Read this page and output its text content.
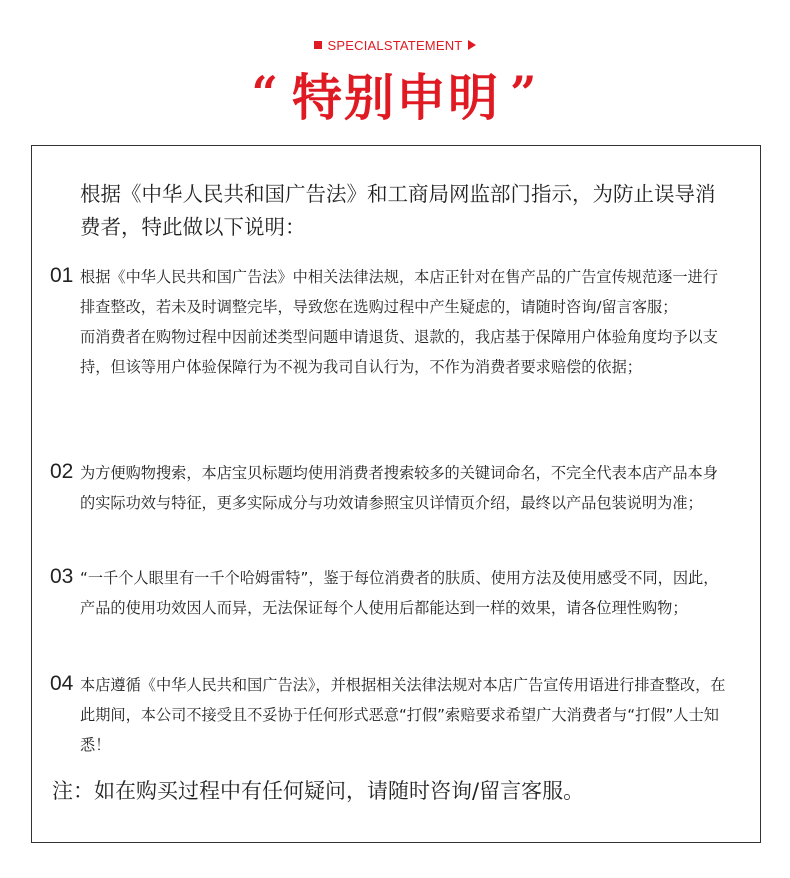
SPECIALSTATEMENT
“ 特别申明 ”
根据《中华人民共和国广告法》和工商局网监部门指示，为防止误导消费者，特此做以下说明：
01 根据《中华人民共和国广告法》中相关法律法规，本店正针对在售产品的广告宣传规范逐一进行排查整改，若未及时调整完毕，导致您在选购过程中产生疑虑的，请随时咨询/留言客服；

而消费者在购物过程中因前述类型问题申请退货、退款的，我店基于保障用户体验角度均予以支持，但该等用户体验保障行为不视为我司自认行为，不作为消费者要求赔偿的依据；

02 为方便购物搜索，本店宝贝标题均使用消费者搜索较多的关键词命名，不完全代表本店产品本身的实际功效与特征，更多实际成分与功效请参照宝贝详情页介绍，最终以产品包装说明为准；

03 “一千个人眼里有一千个哈姆雷特”，鉴于每位消费者的肤质、使用方法及使用感受不同，因此，产品的使用功效因人而异，无法保证每个人使用后都能达到一样的效果，请各位理性购物；

04 本店遵循《中华人民共和国广告法》，并根据相关法律法规对本店广告宣传用语进行排查整改，在此期间，本公司不接受且不妥协于任何形式恶意“打假”索赔要求希望广大消费者与“打假”人士知悉！

注：如在购买过程中有任何疑问，请随时咨询/留言客服。
